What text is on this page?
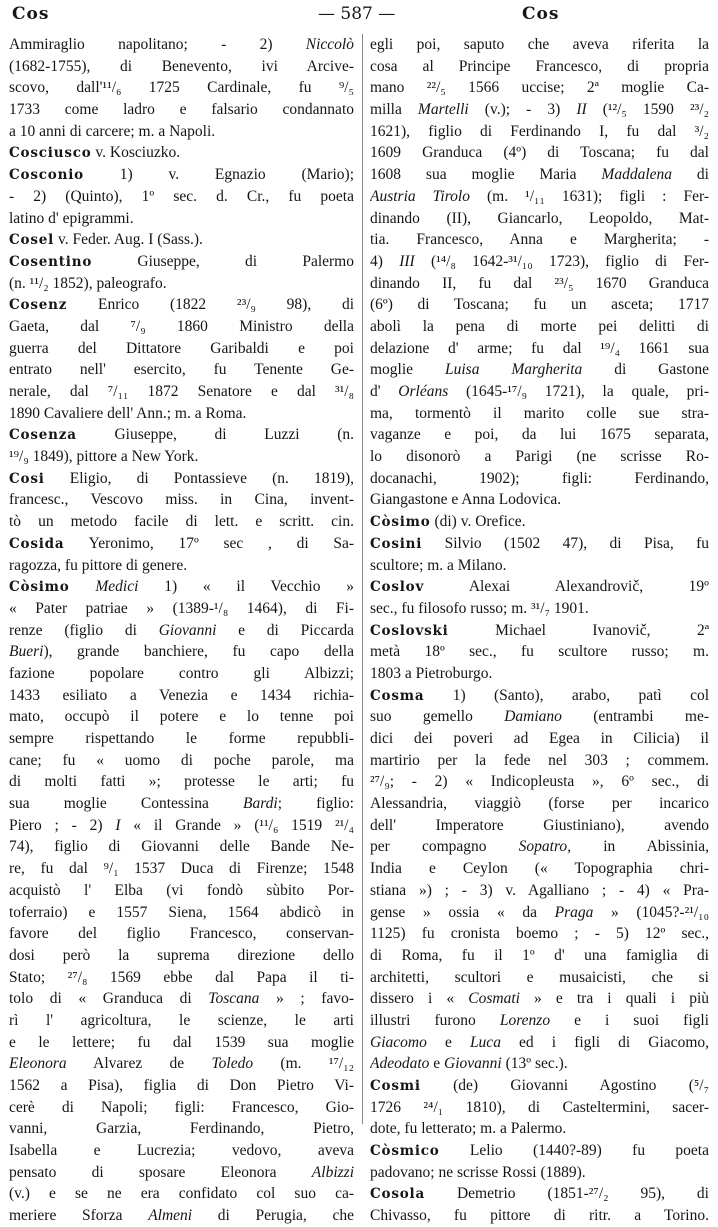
Cos	— 587 —	Cos
Ammiraglio napolitano; - 2) Niccolò
(1682-1755), di Benevento, ivi Arcive-
scovo, dall'¹¹/₆ 1725 Cardinale, fu ⁹/₅
1733 come ladro e falsario condannato
a 10 anni di carcere; m. a Napoli.
Cosciusco v. Kosciuzko.
Cosconio 1) v. Egnazio (Mario);
- 2) (Quinto), 1º sec. d. Cr., fu poeta
latino d' epigrammi.
Cosel v. Feder. Aug. I (Sass.).
Cosentino Giuseppe, di Palermo
(n. ¹¹/₂ 1852), paleografo.
Cosenz Enrico (1822 ²³/₉ 98), di
Gaeta, dal ⁷/₉ 1860 Ministro della
guerra del Dittatore Garibaldi e poi
entrato nell' esercito, fu Tenente Ge-
nerale, dal ⁷/₁₁ 1872 Senatore e dal ³¹/₈
1890 Cavaliere dell' Ann.; m. a Roma.
Cosenza Giuseppe, di Luzzi (n.
¹⁹/₉ 1849), pittore a New York.
Cosi Eligio, di Pontassieve (n. 1819),
francesc., Vescovo miss. in Cina, invent-
tò un metodo facile di lett. e scritt. cin.
Cosida Yeronimo, 17º sec , di Sa-
ragozza, fu pittore di genere.
Còsimo Medici 1) « il Vecchio »
« Pater patriae » (1389-¹/₈ 1464), di Fi-
renze (figlio di Giovanni e di Piccarda
Bueri), grande banchiere, fu capo della
fazione popolare contro gli Albizzi;
1433 esiliato a Venezia e 1434 richia-
mato, occupò il potere e lo tenne poi
sempre rispettando le forme repubbli-
cane; fu « uomo di poche parole, ma
di molti fatti »; protesse le arti; fu
sua moglie Contessina Bardi; figlio:
Piero ; - 2) I « il Grande » (¹¹/₆ 1519 ²¹/₄
74), figlio di Giovanni delle Bande Ne-
re, fu dal ⁹/₁ 1537 Duca di Firenze; 1548
acquistò l' Elba (vi fondò sùbito Por-
toferraio) e 1557 Siena, 1564 abdicò in
favore del figlio Francesco, conservan-
dosi però la suprema direzione dello
Stato; ²⁷/₈ 1569 ebbe dal Papa il ti-
tolo di « Granduca di Toscana » ; favo-
rì l' agricoltura, le scienze, le arti
e le lettere; fu dal 1539 sua moglie
Eleonora Alvarez de Toledo (m. ¹⁷/₁₂
1562 a Pisa), figlia di Don Pietro Vi-
cerè di Napoli; figli: Francesco, Gio-
vanni, Garzia, Ferdinando, Pietro,
Isabella e Lucrezia; vedovo, aveva
pensato di sposare Eleonora Albizzi
(v.) e se ne era confidato col suo ca-
meriere Sforza Almeni di Perugia, che
egli poi, saputo che aveva riferita la
cosa al Principe Francesco, di propria
mano ²²/₅ 1566 uccise; 2ª moglie Ca-
milla Martelli (v.); - 3) II (¹²/₅ 1590 ²³/₂
1621), figlio di Ferdinando I, fu dal ³/₂
1609 Granduca (4º) di Toscana; fu dal
1608 sua moglie Maria Maddalena di
Austria Tirolo (m. ¹/₁₁ 1631); figli : Fer-
dinando (II), Giancarlo, Leopoldo, Mat-
tia. Francesco, Anna e Margherita; -
4) III (¹⁴/₈ 1642-³¹/₁₀ 1723), figlio di Fer-
dinando II, fu dal ²³/₅ 1670 Granduca
(6º) di Toscana; fu un asceta; 1717
abolì la pena di morte pei delitti di
delazione d' arme; fu dal ¹⁹/₄ 1661 sua
moglie Luisa Margherita di Gastone
d' Orléans (1645-¹⁷/₉ 1721), la quale, pri-
ma, tormentò il marito colle sue stra-
vaganze e poi, da lui 1675 separata,
lo disonorò a Parigi (ne scrisse Ro-
docanachi, 1902); figli: Ferdinando,
Giangastone e Anna Lodovica.
Còsimo (di) v. Orefice.
Cosini Silvio (1502 47), di Pisa, fu
scultore; m. a Milano.
Coslov Alexai Alexandrovič, 19º
sec., fu filosofo russo; m. ³¹/₇ 1901.
Coslovski Michael Ivanovič, 2ª
metà 18º sec., fu scultore russo; m.
1803 a Pietroburgo.
Cosma 1) (Santo), arabo, patì col
suo gemello Damiano (entrambi me-
dici dei poveri ad Egea in Cilicia) il
martirio per la fede nel 303 ; commem.
²⁷/₉; - 2) « Indicopleusta », 6º sec., di
Alessandria, viaggiò (forse per incarico
dell' Imperatore Giustiniano), avendo
per compagno Sopatro, in Abissinia,
India e Ceylon (« Topographia chri-
stiana ») ; - 3) v. Agalliano ; - 4) « Pra-
gense » ossia « da Praga » (1045?-²¹/₁₀
1125) fu cronista boemo ; - 5) 12º sec.,
di Roma, fu il 1º d' una famiglia di
architetti, scultori e musaicisti, che si
dissero i « Cosmati » e tra i quali i più
illustri furono Lorenzo e i suoi figli
Giacomo e Luca ed i figli di Giacomo,
Adeodato e Giovanni (13º sec.).
Cosmi (de) Giovanni Agostino (⁵/₇
1726 ²⁴/₁ 1810), di Casteltermini, sacer-
dote, fu letterato; m. a Palermo.
Còsmico Lelio (1440?-89) fu poeta
padovano; ne scrisse Rossi (1889).
Cosola Demetrio (1851-²⁷/₂ 95), di
Chivasso, fu pittore di ritr. a Torino.
